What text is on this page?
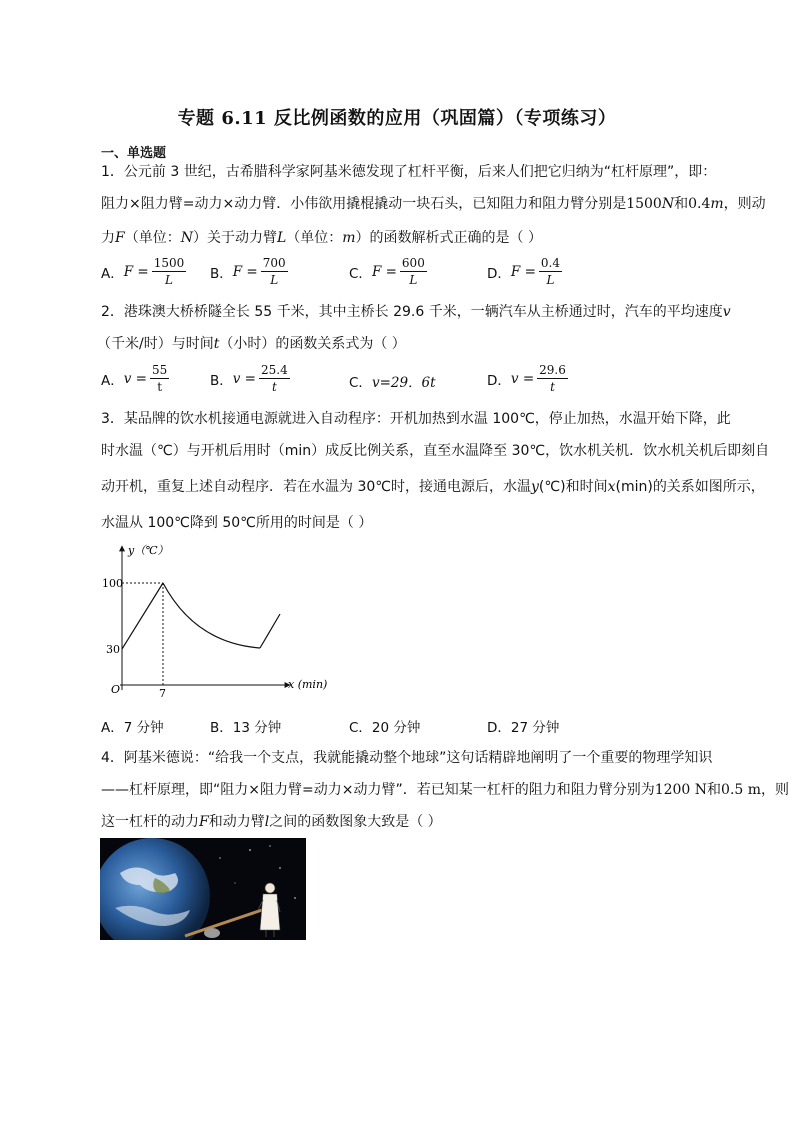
专题 6.11 反比例函数的应用（巩固篇）（专项练习）
一、单选题
1．公元前 3 世纪，古希腊科学家阿基米德发现了杠杆平衡，后来人们把它归纳为“杠杆原理”，即：
阻力×阻力臂=动力×动力臂．小伟欲用撬棍撬动一块石头，已知阻力和阻力臂分别是1500N和0.4m，则动
力F（单位：N）关于动力臂L（单位：m）的函数解析式正确的是（ ）
A． $F = \frac{1500}{L}$ B． $F = \frac{700}{L}$	C． $F = \frac{600}{L}$	D． $F = \frac{0.4}{L}$
2．港珠澳大桥桥隧全长 55 千米，其中主桥长 29.6 千米，一辆汽车从主桥通过时，汽车的平均速度v
（千米/时）与时间t（小时）的函数关系式为（ ）
A． $v = \frac{55}{t}$	B． $v = \frac{25.4}{t}$	C． v=29．6t	D． $v = \frac{29.6}{t}$
3．某品牌的饮水机接通电源就进入自动程序：开机加热到水温 100℃，停止加热，水温开始下降，此
时水温（℃）与开机后用时（min）成反比例关系，直至水温降至 30℃，饮水机关机．饮水机关机后即刻自
动开机，重复上述自动程序．若在水温为 30℃时，接通电源后，水温y(℃)和时间x(min)的关系如图所示，
水温从 100℃降到 50℃所用的时间是（ ）
y（℃）
x (min)
O
100
30
7
A．7 分钟	B．13 分钟	C．20 分钟	D．27 分钟
4．阿基米德说：“给我一个支点，我就能撬动整个地球”这句话精辟地阐明了一个重要的物理学知识
——杠杆原理，即“阻力×阻力臂=动力×动力臂”．若已知某一杠杆的阻力和阻力臂分别为1200 N和0.5 m，则
这一杠杆的动力F和动力臂l之间的函数图象大致是（ ）
